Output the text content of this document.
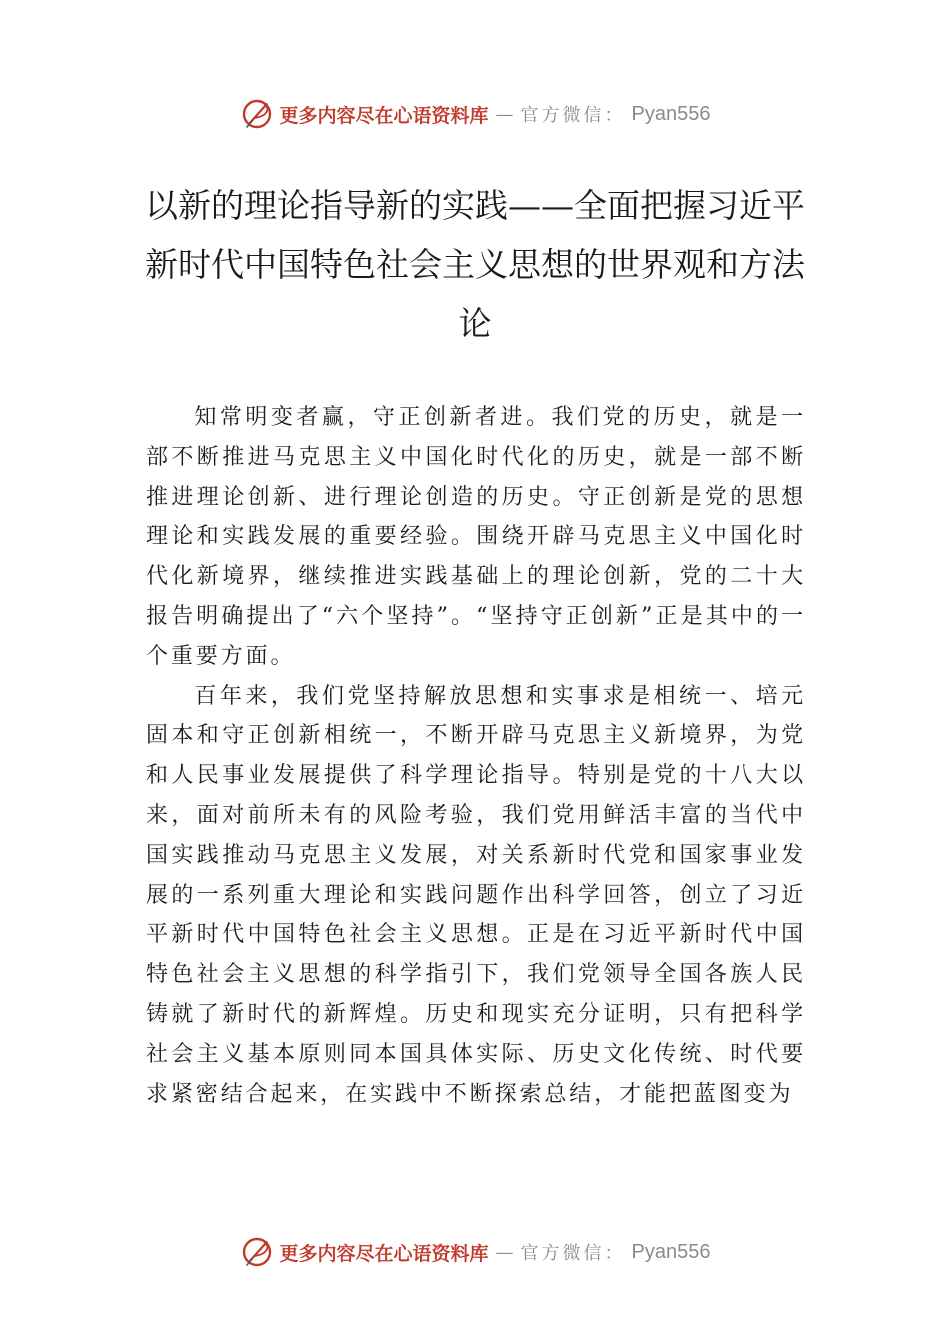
更多内容尽在心语资料库 — 官方微信： Pyan556
以新的理论指导新的实践——全面把握习近平新时代中国特色社会主义思想的世界观和方法论

知常明变者赢，守正创新者进。我们党的历史，就是一部不断推进马克思主义中国化时代化的历史，就是一部不断推进理论创新、进行理论创造的历史。守正创新是党的思想理论和实践发展的重要经验。围绕开辟马克思主义中国化时代化新境界，继续推进实践基础上的理论创新，党的二十大报告明确提出了“六个坚持”。“坚持守正创新”正是其中的一个重要方面。

百年来，我们党坚持解放思想和实事求是相统一、培元固本和守正创新相统一，不断开辟马克思主义新境界，为党和人民事业发展提供了科学理论指导。特别是党的十八大以来，面对前所未有的风险考验，我们党用鲜活丰富的当代中国实践推动马克思主义发展，对关系新时代党和国家事业发展的一系列重大理论和实践问题作出科学回答，创立了习近平新时代中国特色社会主义思想。正是在习近平新时代中国特色社会主义思想的科学指引下，我们党领导全国各族人民铸就了新时代的新辉煌。历史和现实充分证明，只有把科学社会主义基本原则同本国具体实际、历史文化传统、时代要求紧密结合起来，在实践中不断探索总结，才能把蓝图变为

更多内容尽在心语资料库 — 官方微信： Pyan556
